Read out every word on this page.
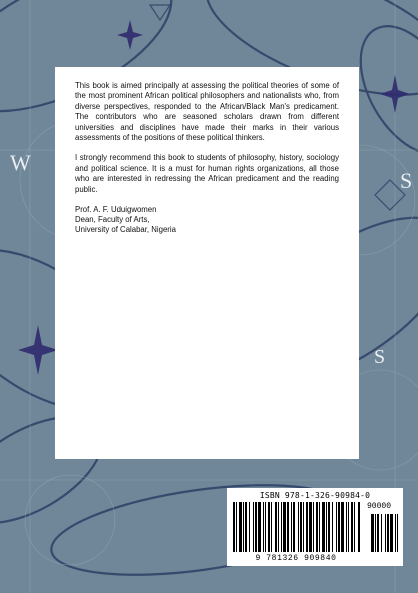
W
S
S

This book is aimed principally at assessing the political theories of some of the most prominent African political philosophers and nationalists who, from diverse perspectives, responded to the African/Black Man's predicament. The contributors who are seasoned scholars drawn from different universities and disciplines have made their marks in their various assessments of the positions of these political thinkers.

I strongly recommend this book to students of philosophy, history, sociology and political science. It is a must for human rights organizations, all those who are interested in redressing the African predicament and the reading public.

Prof. A. F. Uduigwomen
Dean, Faculty of Arts,
University of Calabar, Nigeria
ISBN 978-1-326-90984-0
90000
9 781326 909840
